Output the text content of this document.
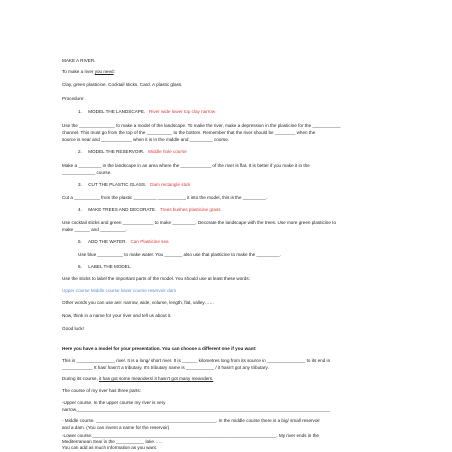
MAKE A RIVER.
To make a river you need:
Clay, green plasticine. Cocktail sticks. Card. A plastic glass.
Procedure:
1. MODEL THE LANDSCAPE. River wide lower top clay narrow
Use the ______________ to make a model of the landscape. To make the river, make a depression in the plasticine for the ___________
channel. This must go from the top of the __________ to the bottom. Remember that the river should be ________ when the
source is near and ____________ when it is in the middle and _________ course.
2. MODEL THE RESERVOIR. Middle hole course
Make a _________ in the landscape in an area where the ____________ of the river is flat. It is better if you make it in the
_____________ course.
3. CUT THE PLASTIC GLASS. Dam rectangle stick
Cut a __________ from the plastic _________ ___________ it into the model, this is the _________.
4. MAKE TREES AND DECORATE. Trees bushes plasticine grass
Use cocktail sticks and green ____________ to make _________. Decorate the landscape with the trees. Use more green plasticine to
make ______ and __________.
5. ADD THE WATER. Can Plasticine sea
Use blue __________ to make water. You _______ also use that plasticine to make the _________.
6. LABEL THE MODEL.
Use the sticks to label the important parts of the model. You should use at least these words:
Upper course Middle course lower course reservoir dam
Other words you can use are: narrow, wide, volume, length, flat, valley……
Now, think in a name for your river and tell us about it.
Good luck!
Here you have a model for your presentation. You can choose a different one if you want:
This is _______________ river. It is a long/ short river. It is ______ kilometres long from its source in _______________ to its end in
____________ It has/ hasn't a tributary. It's tributary name is ___________ / it hasn't got any tributary.
During its course, it has got some meanders/ it hasn't got many meanders.
The course of my river has three parts:
-Upper course. In the upper course my river is very
narrow,___________________________________________________________________________________________________
- Middle course. _______________________________________________. In the middle course there is a big/ small reservoir
and a dam. (You can invent a name for the reservoir)
-Lower course.________________________________________________________________________. My river ends in the
Mediterranean Sea/ in the ___________ lake……
You can add as much information as you want.
